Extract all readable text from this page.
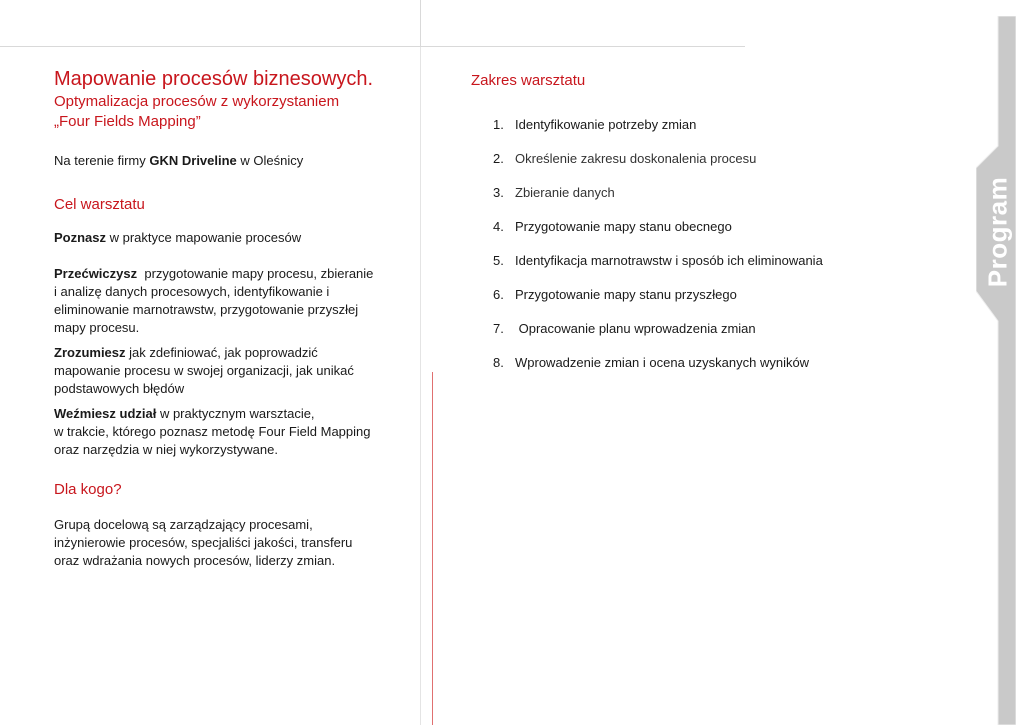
Mapowanie procesów biznesowych.
Optymalizacja procesów z wykorzystaniem
„Four Fields Mapping”
Na terenie firmy GKN Driveline w Oleśnicy
Cel warsztatu
Poznasz w praktyce mapowanie procesów
Przećwiczysz  przygotowanie mapy procesu, zbieranie
i analizę danych procesowych, identyfikowanie i
eliminowanie marnotrawstw, przygotowanie przyszłej
mapy procesu.
Zrozumiesz jak zdefiniować, jak poprowadzić
mapowanie procesu w swojej organizacji, jak unikać
podstawowych błędów
Weźmiesz udział w praktycznym warsztacie,
w trakcie, którego poznasz metodę Four Field Mapping
oraz narzędzia w niej wykorzystywane.
Dla kogo?
Grupą docelową są zarządzający procesami,
inżynierowie procesów, specjaliści jakości, transferu
oraz wdrażania nowych procesów, liderzy zmian.
Zakres warsztatu
1. Identyfikowanie potrzeby zmian
2. Określenie zakresu doskonalenia procesu
3. Zbieranie danych
4. Przygotowanie mapy stanu obecnego
5. Identyfikacja marnotrawstw i sposób ich eliminowania
6. Przygotowanie mapy stanu przyszłego
7. Opracowanie planu wprowadzenia zmian
8. Wprowadzenie zmian i ocena uzyskanych wyników
Program
